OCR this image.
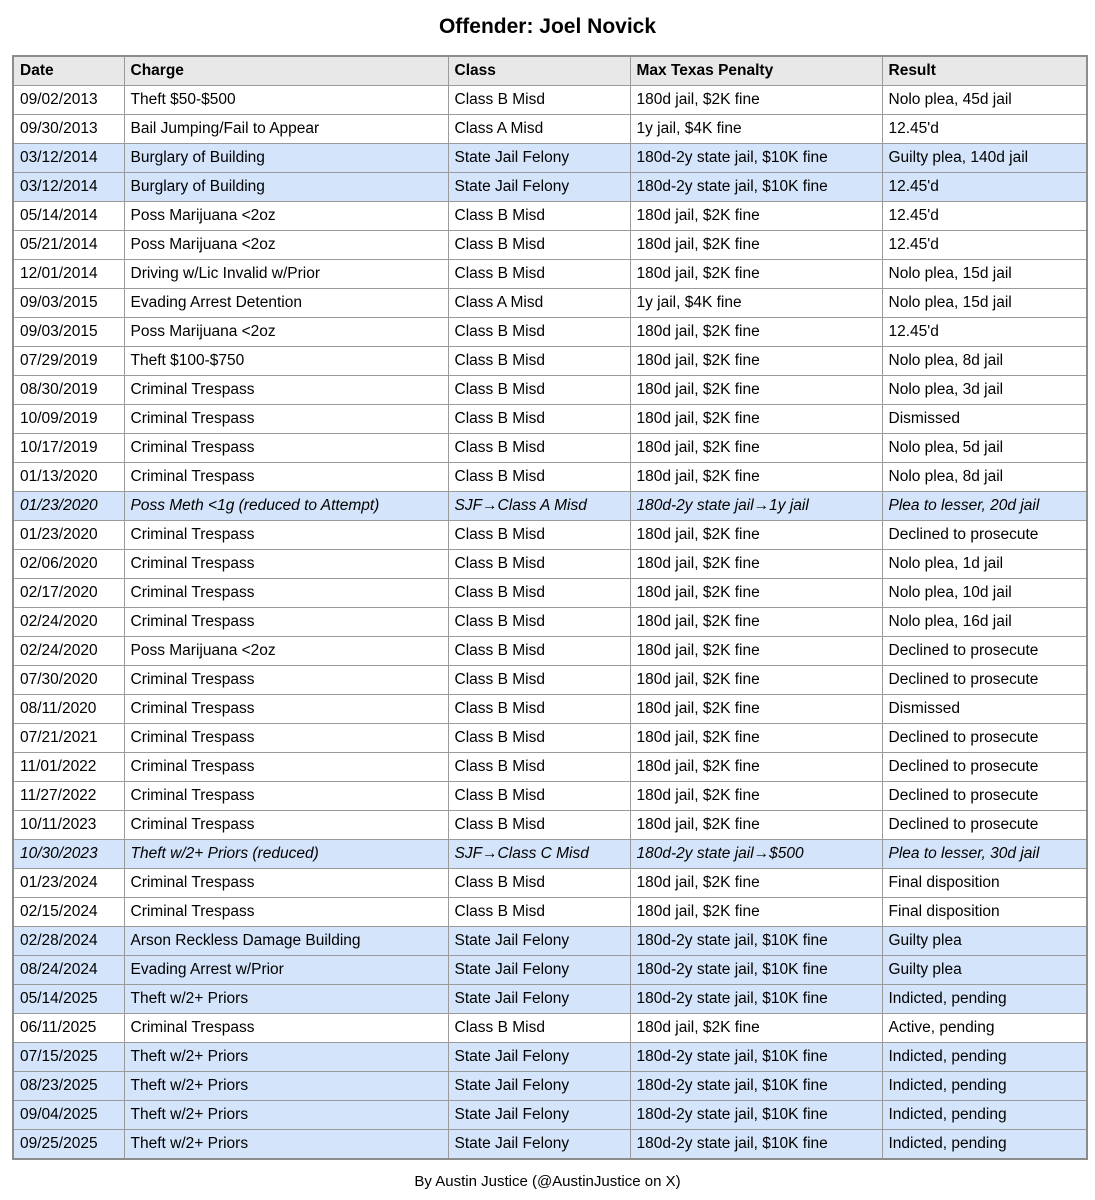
Offender: Joel Novick
Date	Charge	Class	Max Texas Penalty	Result
09/02/2013	Theft $50-$500	Class B Misd	180d jail, $2K fine	Nolo plea, 45d jail
09/30/2013	Bail Jumping/Fail to Appear	Class A Misd	1y jail, $4K fine	12.45'd
03/12/2014	Burglary of Building	State Jail Felony	180d-2y state jail, $10K fine	Guilty plea, 140d jail
03/12/2014	Burglary of Building	State Jail Felony	180d-2y state jail, $10K fine	12.45'd
05/14/2014	Poss Marijuana <2oz	Class B Misd	180d jail, $2K fine	12.45'd
05/21/2014	Poss Marijuana <2oz	Class B Misd	180d jail, $2K fine	12.45'd
12/01/2014	Driving w/Lic Invalid w/Prior	Class B Misd	180d jail, $2K fine	Nolo plea, 15d jail
09/03/2015	Evading Arrest Detention	Class A Misd	1y jail, $4K fine	Nolo plea, 15d jail
09/03/2015	Poss Marijuana <2oz	Class B Misd	180d jail, $2K fine	12.45'd
07/29/2019	Theft $100-$750	Class B Misd	180d jail, $2K fine	Nolo plea, 8d jail
08/30/2019	Criminal Trespass	Class B Misd	180d jail, $2K fine	Nolo plea, 3d jail
10/09/2019	Criminal Trespass	Class B Misd	180d jail, $2K fine	Dismissed
10/17/2019	Criminal Trespass	Class B Misd	180d jail, $2K fine	Nolo plea, 5d jail
01/13/2020	Criminal Trespass	Class B Misd	180d jail, $2K fine	Nolo plea, 8d jail
01/23/2020	Poss Meth <1g (reduced to Attempt)	SJF→Class A Misd	180d-2y state jail→1y jail	Plea to lesser, 20d jail
01/23/2020	Criminal Trespass	Class B Misd	180d jail, $2K fine	Declined to prosecute
02/06/2020	Criminal Trespass	Class B Misd	180d jail, $2K fine	Nolo plea, 1d jail
02/17/2020	Criminal Trespass	Class B Misd	180d jail, $2K fine	Nolo plea, 10d jail
02/24/2020	Criminal Trespass	Class B Misd	180d jail, $2K fine	Nolo plea, 16d jail
02/24/2020	Poss Marijuana <2oz	Class B Misd	180d jail, $2K fine	Declined to prosecute
07/30/2020	Criminal Trespass	Class B Misd	180d jail, $2K fine	Declined to prosecute
08/11/2020	Criminal Trespass	Class B Misd	180d jail, $2K fine	Dismissed
07/21/2021	Criminal Trespass	Class B Misd	180d jail, $2K fine	Declined to prosecute
11/01/2022	Criminal Trespass	Class B Misd	180d jail, $2K fine	Declined to prosecute
11/27/2022	Criminal Trespass	Class B Misd	180d jail, $2K fine	Declined to prosecute
10/11/2023	Criminal Trespass	Class B Misd	180d jail, $2K fine	Declined to prosecute
10/30/2023	Theft w/2+ Priors (reduced)	SJF→Class C Misd	180d-2y state jail→$500	Plea to lesser, 30d jail
01/23/2024	Criminal Trespass	Class B Misd	180d jail, $2K fine	Final disposition
02/15/2024	Criminal Trespass	Class B Misd	180d jail, $2K fine	Final disposition
02/28/2024	Arson Reckless Damage Building	State Jail Felony	180d-2y state jail, $10K fine	Guilty plea
08/24/2024	Evading Arrest w/Prior	State Jail Felony	180d-2y state jail, $10K fine	Guilty plea
05/14/2025	Theft w/2+ Priors	State Jail Felony	180d-2y state jail, $10K fine	Indicted, pending
06/11/2025	Criminal Trespass	Class B Misd	180d jail, $2K fine	Active, pending
07/15/2025	Theft w/2+ Priors	State Jail Felony	180d-2y state jail, $10K fine	Indicted, pending
08/23/2025	Theft w/2+ Priors	State Jail Felony	180d-2y state jail, $10K fine	Indicted, pending
09/04/2025	Theft w/2+ Priors	State Jail Felony	180d-2y state jail, $10K fine	Indicted, pending
09/25/2025	Theft w/2+ Priors	State Jail Felony	180d-2y state jail, $10K fine	Indicted, pending
By Austin Justice (@AustinJustice on X)
